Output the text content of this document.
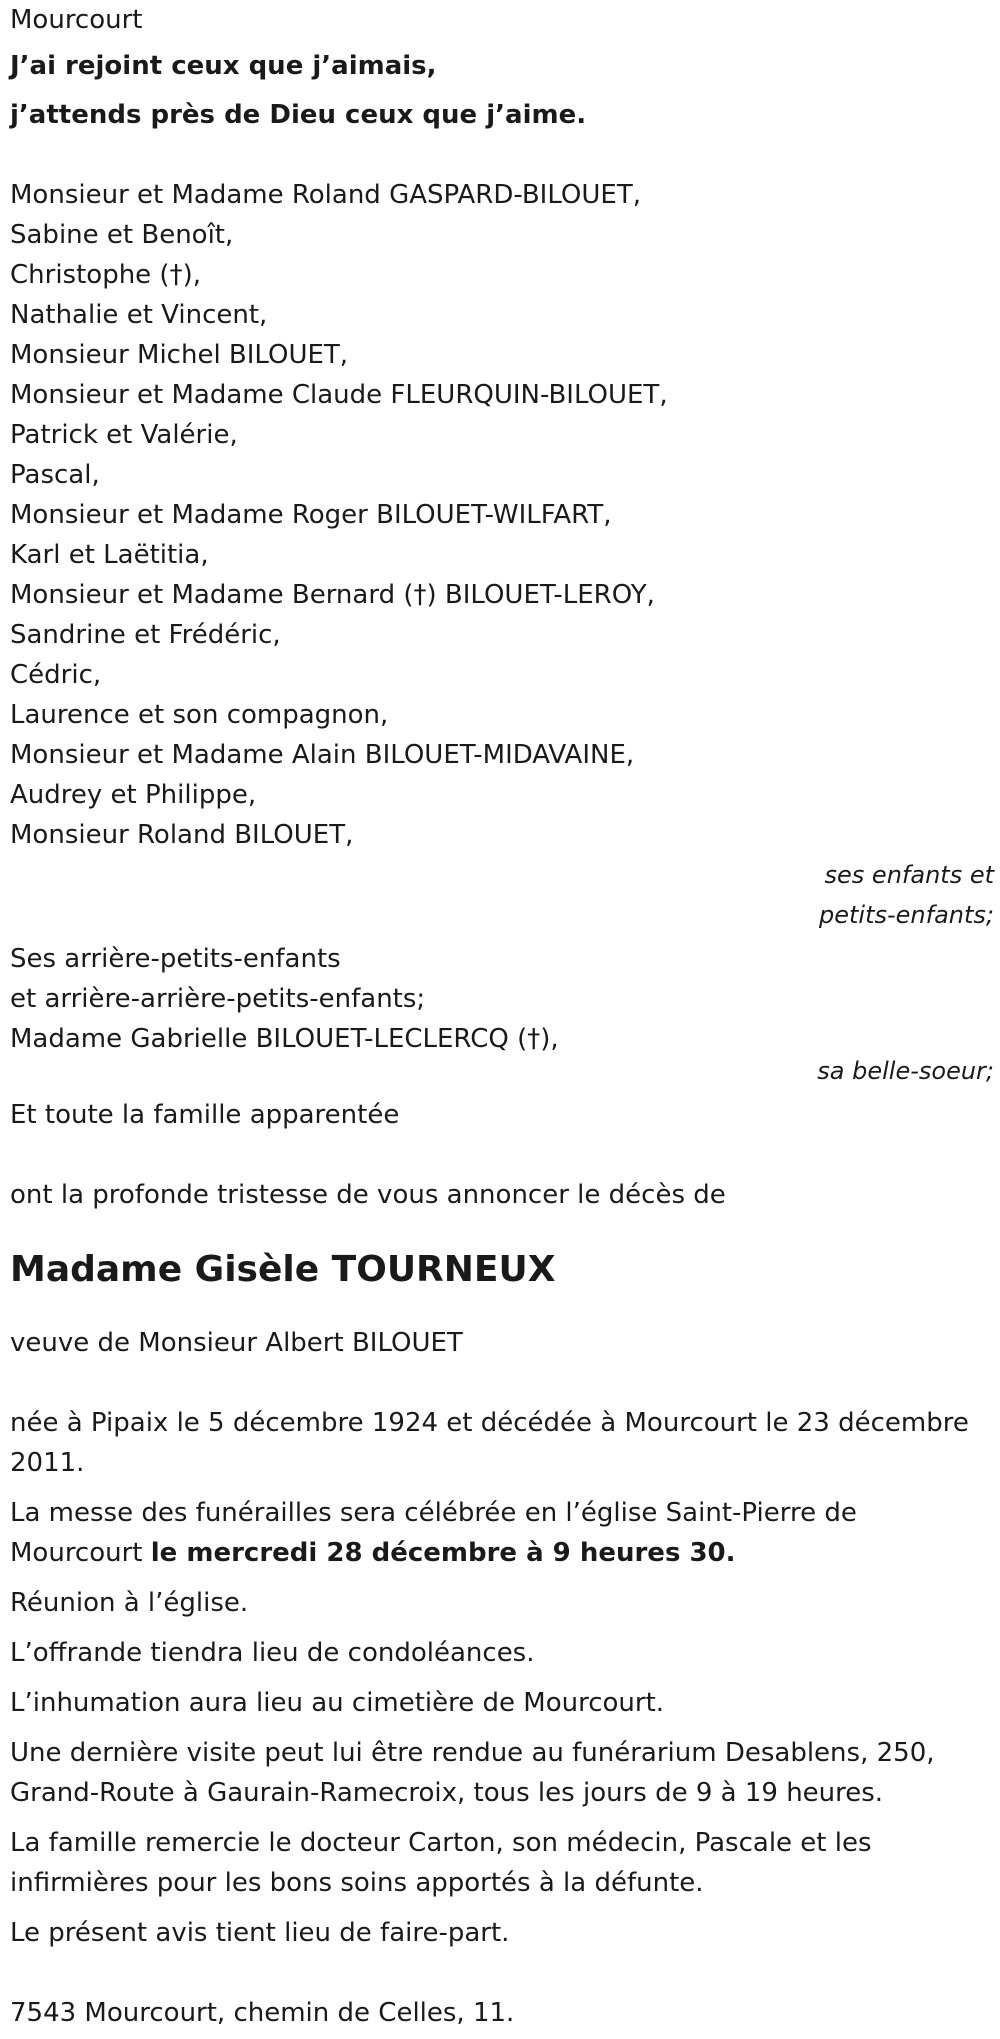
Mourcourt
J’ai rejoint ceux que j’aimais,
j’attends près de Dieu ceux que j’aime.
Monsieur et Madame Roland GASPARD-BILOUET,
Sabine et Benoît,
Christophe (†),
Nathalie et Vincent,
Monsieur Michel BILOUET,
Monsieur et Madame Claude FLEURQUIN-BILOUET,
Patrick et Valérie,
Pascal,
Monsieur et Madame Roger BILOUET-WILFART,
Karl et Laëtitia,
Monsieur et Madame Bernard (†) BILOUET-LEROY,
Sandrine et Frédéric,
Cédric,
Laurence et son compagnon,
Monsieur et Madame Alain BILOUET-MIDAVAINE,
Audrey et Philippe,
Monsieur Roland BILOUET,
ses enfants et
petits-enfants;
Ses arrière-petits-enfants
et arrière-arrière-petits-enfants;
Madame Gabrielle BILOUET-LECLERCQ (†),
sa belle-soeur;
Et toute la famille apparentée
ont la profonde tristesse de vous annoncer le décès de
Madame Gisèle TOURNEUX
veuve de Monsieur Albert BILOUET
née à Pipaix le 5 décembre 1924 et décédée à Mourcourt le 23 décembre 2011.
La messe des funérailles sera célébrée en l’église Saint-Pierre de Mourcourt le mercredi 28 décembre à 9 heures 30.
Réunion à l’église.
L’offrande tiendra lieu de condoléances.
L’inhumation aura lieu au cimetière de Mourcourt.
Une dernière visite peut lui être rendue au funérarium Desablens, 250, Grand-Route à Gaurain-Ramecroix, tous les jours de 9 à 19 heures.
La famille remercie le docteur Carton, son médecin, Pascale et les infirmières pour les bons soins apportés à la défunte.
Le présent avis tient lieu de faire-part.
7543 Mourcourt, chemin de Celles, 11.
